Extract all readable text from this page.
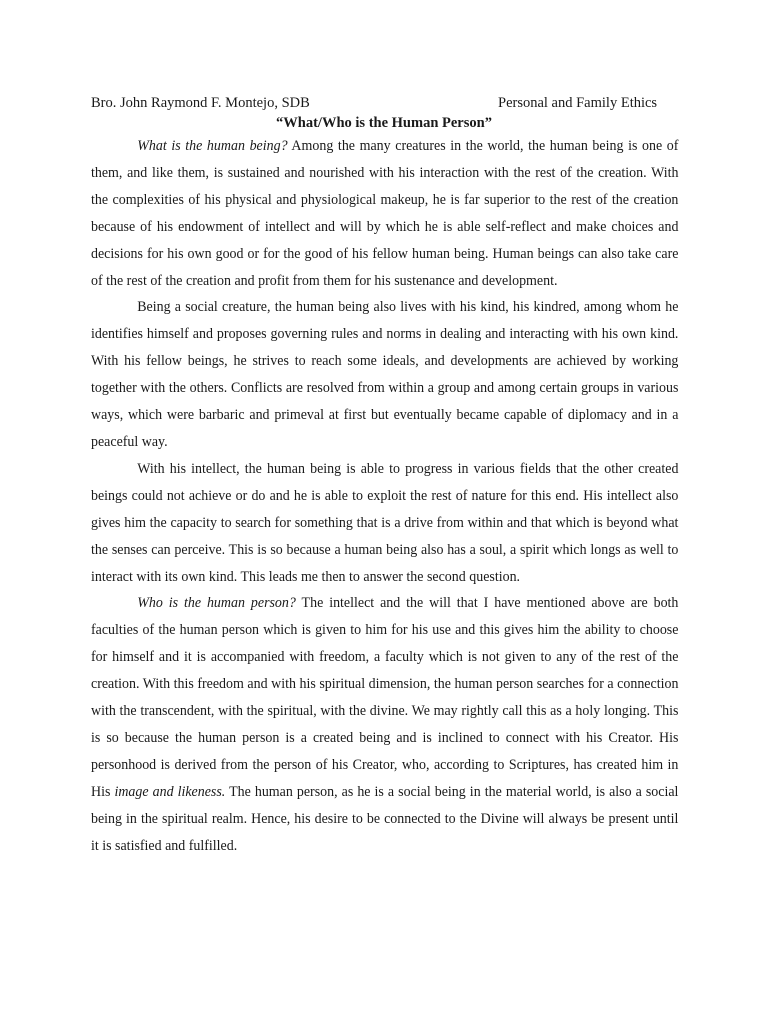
Bro. John Raymond F. Montejo, SDB	Personal and Family Ethics
“What/Who is the Human Person”

What is the human being? Among the many creatures in the world, the human being is one of them, and like them, is sustained and nourished with his interaction with the rest of the creation. With the complexities of his physical and physiological makeup, he is far superior to the rest of the creation because of his endowment of intellect and will by which he is able self-reflect and make choices and decisions for his own good or for the good of his fellow human being. Human beings can also take care of the rest of the creation and profit from them for his sustenance and development.

Being a social creature, the human being also lives with his kind, his kindred, among whom he identifies himself and proposes governing rules and norms in dealing and interacting with his own kind. With his fellow beings, he strives to reach some ideals, and developments are achieved by working together with the others. Conflicts are resolved from within a group and among certain groups in various ways, which were barbaric and primeval at first but eventually became capable of diplomacy and in a peaceful way.

With his intellect, the human being is able to progress in various fields that the other created beings could not achieve or do and he is able to exploit the rest of nature for this end. His intellect also gives him the capacity to search for something that is a drive from within and that which is beyond what the senses can perceive. This is so because a human being also has a soul, a spirit which longs as well to interact with its own kind. This leads me then to answer the second question.

Who is the human person? The intellect and the will that I have mentioned above are both faculties of the human person which is given to him for his use and this gives him the ability to choose for himself and it is accompanied with freedom, a faculty which is not given to any of the rest of the creation. With this freedom and with his spiritual dimension, the human person searches for a connection with the transcendent, with the spiritual, with the divine. We may rightly call this as a holy longing. This is so because the human person is a created being and is inclined to connect with his Creator. His personhood is derived from the person of his Creator, who, according to Scriptures, has created him in His image and likeness. The human person, as he is a social being in the material world, is also a social being in the spiritual realm. Hence, his desire to be connected to the Divine will always be present until it is satisfied and fulfilled.
